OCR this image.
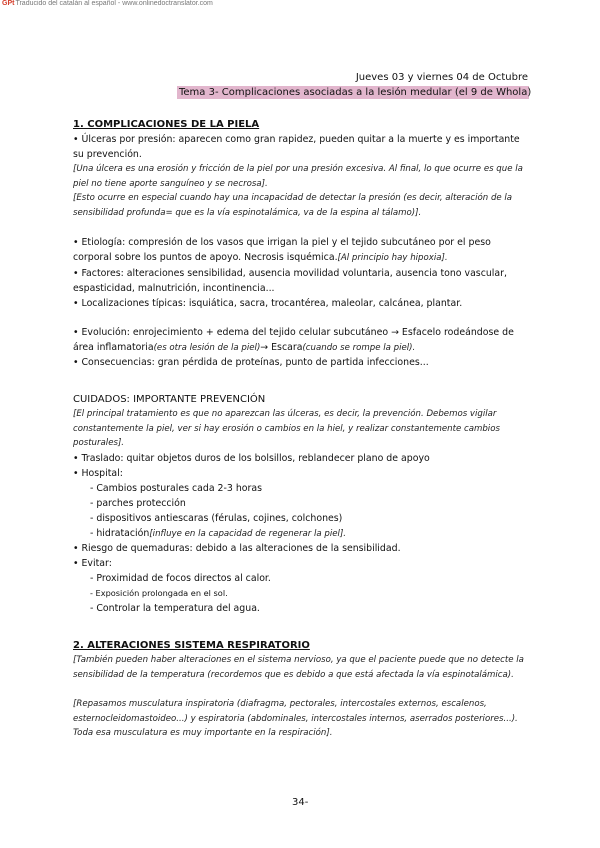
GPtTraducido del catalán al español - www.onlinedoctranslator.com
Jueves 03 y viernes 04 de Octubre
Tema 3- Complicaciones asociadas a la lesión medular (el 9 de Whola)

1. COMPLICACIONES DE LA PIELA

• Úlceras por presión: aparecen como gran rapidez, pueden quitar a la muerte y es importante su prevención.

[Una úlcera es una erosión y fricción de la piel por una presión excesiva. Al final, lo que ocurre es que la piel no tiene aporte sanguíneo y se necrosa].

[Esto ocurre en especial cuando hay una incapacidad de detectar la presión (es decir, alteración de la sensibilidad profunda= que es la vía espinotalámica, va de la espina al tálamo)].

• Etiología: compresión de los vasos que irrigan la piel y el tejido subcutáneo por el peso corporal sobre los puntos de apoyo. Necrosis isquémica.[Al principio hay hipoxia].

• Factores: alteraciones sensibilidad, ausencia movilidad voluntaria, ausencia tono vascular, espasticidad, malnutrición, incontinencia...

• Localizaciones típicas: isquiática, sacra, trocantérea, maleolar, calcánea, plantar.

• Evolución: enrojecimiento + edema del tejido celular subcutáneo → Esfacelo rodeándose de área inflamatoria(es otra lesión de la piel)→ Escara(cuando se rompe la piel).

• Consecuencias: gran pérdida de proteínas, punto de partida infecciones...

CUIDADOS: IMPORTANTE PREVENCIÓN

[El principal tratamiento es que no aparezcan las úlceras, es decir, la prevención. Debemos vigilar constantemente la piel, ver si hay erosión o cambios en la hiel, y realizar constantemente cambios posturales].

• Traslado: quitar objetos duros de los bolsillos, reblandecer plano de apoyo

• Hospital:

- Cambios posturales cada 2-3 horas

- parches protección

- dispositivos antiescaras (férulas, cojines, colchones)

- hidratación[influye en la capacidad de regenerar la piel].

• Riesgo de quemaduras: debido a las alteraciones de la sensibilidad.

• Evitar:

- Proximidad de focos directos al calor.

- Exposición prolongada en el sol.

- Controlar la temperatura del agua.

2. ALTERACIONES SISTEMA RESPIRATORIO

[También pueden haber alteraciones en el sistema nervioso, ya que el paciente puede que no detecte la sensibilidad de la temperatura (recordemos que es debido a que está afectada la vía espinotalámica).

[Repasamos musculatura inspiratoria (diafragma, pectorales, intercostales externos, escalenos, esternocleidomastoideo...) y espiratoria (abdominales, intercostales internos, aserrados posteriores...). Toda esa musculatura es muy importante en la respiración].

34-
